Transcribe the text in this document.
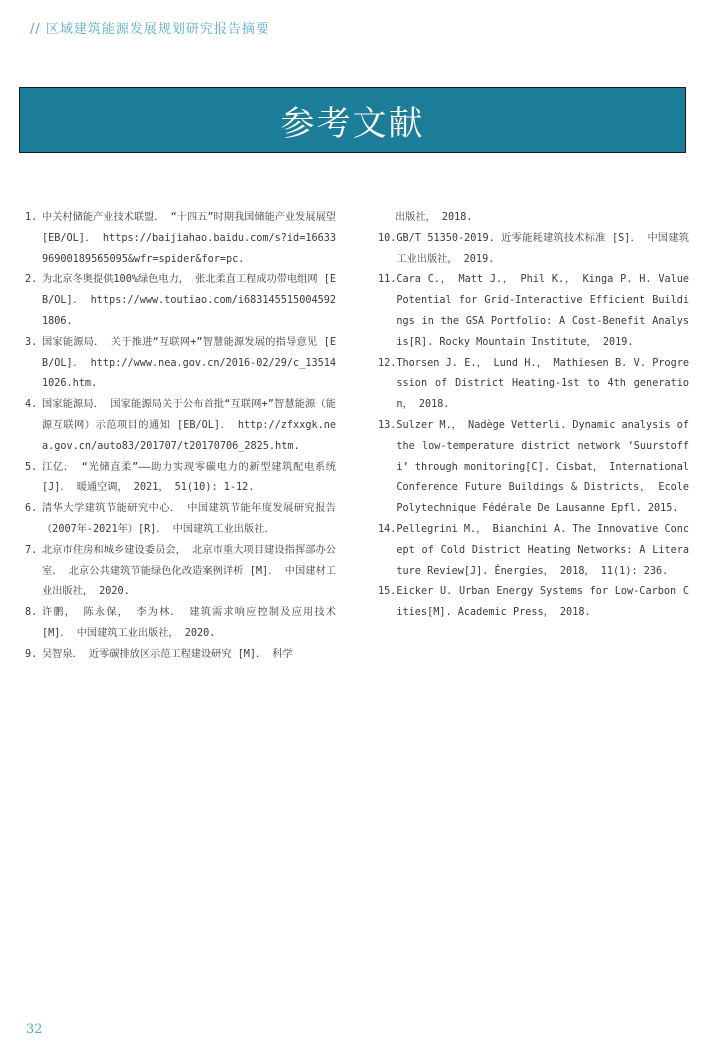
// 区域建筑能源发展规划研究报告摘要
参考文献
1. 中关村储能产业技术联盟． “十四五”时期我国储能产业发展展望 [EB/OL]． https://baijiahao.baidu.com/s?id=1663396900189565095&wfr=spider&for=pc.
2. 为北京冬奥提供100%绿色电力， 张北柔直工程成功带电组网 [EB/OL]． https://www.toutiao.com/i6831455150045921806.
3. 国家能源局． 关于推进“互联网+”智慧能源发展的指导意见 [EB/OL]． http://www.nea.gov.cn/2016-02/29/c_135141026.htm.
4. 国家能源局． 国家能源局关于公布首批“互联网+”智慧能源（能源互联网）示范项目的通知 [EB/OL]． http://zfxxgk.nea.gov.cn/auto83/201707/t20170706_2825.htm.
5. 江亿． “光储直柔”——助力实现零碳电力的新型建筑配电系统 [J]． 暖通空调， 2021， 51(10): 1-12.
6. 清华大学建筑节能研究中心． 中国建筑节能年度发展研究报告（2007年-2021年）[R]． 中国建筑工业出版社．
7. 北京市住房和城乡建设委员会， 北京市重大项目建设指挥部办公室． 北京公共建筑节能绿色化改造案例详析 [M]． 中国建材工业出版社， 2020.
8. 许鹏， 陈永保， 李为林． 建筑需求响应控制及应用技术 [M]． 中国建筑工业出版社， 2020.
9. 吴智泉． 近零碳排放区示范工程建设研究 [M]． 科学
出版社， 2018.
10. GB/T 51350-2019. 近零能耗建筑技术标准 [S]． 中国建筑工业出版社， 2019.
11. Cara C.， Matt J.， Phil K.， Kinga P. H. Value Potential for Grid-Interactive Efficient Buildings in the GSA Portfolio: A Cost-Benefit Analysis[R]. Rocky Mountain Institute， 2019.
12. Thorsen J. E.， Lund H.， Mathiesen B. V. Progression of District Heating-1st to 4th generation， 2018.
13. Sulzer M.， Nadège Vetterli. Dynamic analysis of the low-temperature district network ‘Suurstoffi’ through monitoring[C]. Cisbat， International Conference Future Buildings & Districts， Ecole Polytechnique Fédérale De Lausanne Epfl. 2015.
14. Pellegrini M.， Bianchini A. The Innovative Concept of Cold District Heating Networks: A Literature Review[J]. Énergies， 2018， 11(1): 236.
15. Eicker U. Urban Energy Systems for Low-Carbon Cities[M]. Academic Press， 2018.
32
